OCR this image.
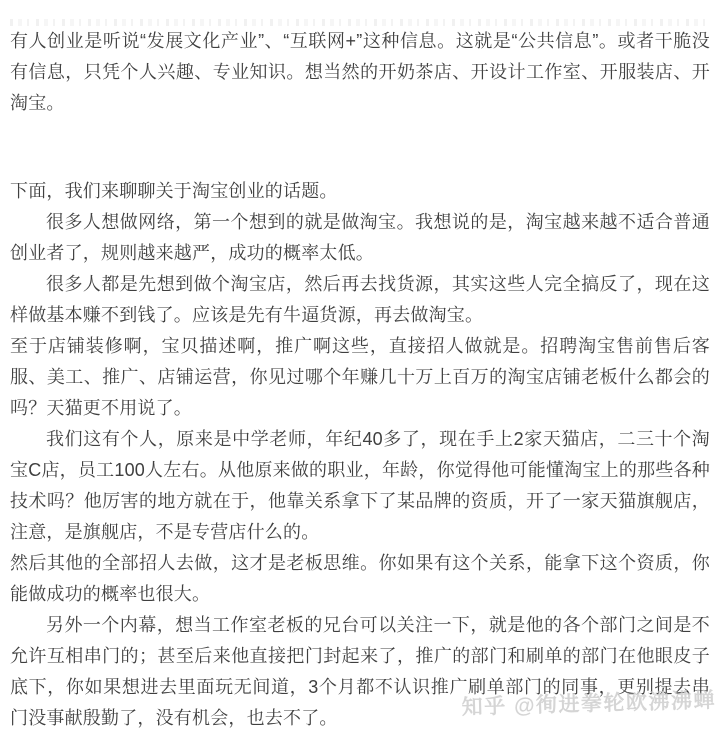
有人创业是听说“发展文化产业”、“互联网+”这种信息。这就是“公共信息”。或者干脆没有信息，只凭个人兴趣、专业知识。想当然的开奶茶店、开设计工作室、开服装店、开淘宝。

下面，我们来聊聊关于淘宝创业的话题。

很多人想做网络，第一个想到的就是做淘宝。我想说的是，淘宝越来越不适合普通创业者了，规则越来越严，成功的概率太低。

很多人都是先想到做个淘宝店，然后再去找货源，其实这些人完全搞反了，现在这样做基本赚不到钱了。应该是先有牛逼货源，再去做淘宝。

至于店铺装修啊，宝贝描述啊，推广啊这些，直接招人做就是。招聘淘宝售前售后客服、美工、推广、店铺运营，你见过哪个年赚几十万上百万的淘宝店铺老板什么都会的吗？天猫更不用说了。

我们这有个人，原来是中学老师，年纪40多了，现在手上2家天猫店，二三十个淘宝C店，员工100人左右。从他原来做的职业，年龄，你觉得他可能懂淘宝上的那些各种技术吗？他厉害的地方就在于，他靠关系拿下了某品牌的资质，开了一家天猫旗舰店，注意，是旗舰店，不是专营店什么的。

然后其他的全部招人去做，这才是老板思维。你如果有这个关系，能拿下这个资质，你能做成功的概率也很大。

另外一个内幕，想当工作室老板的兄台可以关注一下，就是他的各个部门之间是不允许互相串门的；甚至后来他直接把门封起来了，推广的部门和刷单的部门在他眼皮子底下，你如果想进去里面玩无间道，3个月都不认识推广刷单部门的同事，更别提去串门没事献殷勤了，没有机会，也去不了。	知乎 @徇进拳轮欧沸沸蝉
